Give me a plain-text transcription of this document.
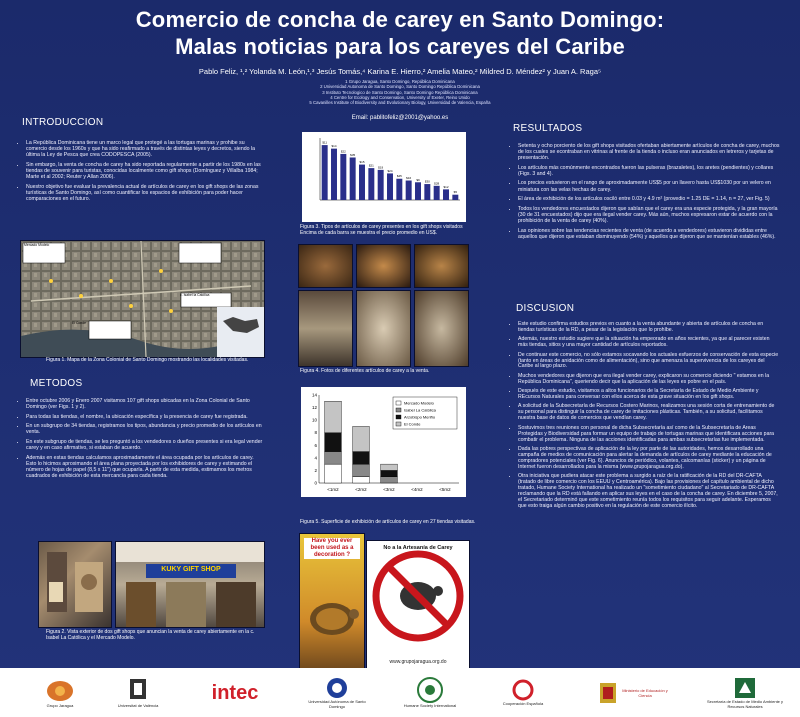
Comercio de concha de carey en Santo Domingo:
Malas noticias para los careyes del Caribe
Pablo Feliz, ¹,² Yolanda M. León,¹,³ Jesús Tomás,⁴ Karina E. Hierro,² Amelia Mateo,² Mildred D. Méndez² y Juan A. Raga⁵
1 Grupo Jaragua, Santo Domingo, República Dominicana
2 Universidad Autonoma de Santo Domingo, Santo Domingo República Dominicana
3 Instituto Tecnologico de Santo Domingo, Santo Domingo República Dominicana
4 Centre for Ecology and Conservation, University of Exeter, Reino Unido
5 Cavanilles Institute of Biodiversity and Evolutionary Biology, Universidad de Valencia, España
Email: pablitofeliz@2001@yahoo.es
INTRODUCCION
• La República Dominicana tiene un marco legal que protegé a las tortugas marinas y prohibe su comercio desde los 1960s y que ha sido reafirmado a través de distintas leyes y decretos, siendo la última la Ley de Pesca que crea CODOPESCA (2005).
• Sin embargo, la venta de concha de carey ha sido reportada regularmente a partir de los 1980s en las tiendas de souvenir para turistas, conocidas localmente como gift shops (Domínguez y Villalba 1984; Marte et al 2002; Reuter y Allan 2006).
• Nuestro objetivo fue evaluar la prevalencia actual de artículos de carey en los gift shops de las zonas turísticas de Santo Domingo, así como cuantificar los espacios de exhibición para poder hacer comparaciones en el futuro.
Mercado Modelo
El Conde
c. Isabel la Católica
Figura 1. Mapa de la Zona Colonial de Santo Domingo mostrando las localidades visitadas.
METODOS
• Entre octubre 2006 y Enero 2007 visitamos 107 gift shops ubicadas en la Zona Colonial de Santo Domingo (ver Figs. 1 y 2).
• Para todas las tiendas, el nombre, la ubicación específica y la presencia de carey fue registrada.
• En un subgrupo de 34 tiendas, registramos los tipos, abundancia y precio promedio de los artículos en venta.
• En este subgrupo de tiendas, se les preguntó a los vendedores o dueños presentes si era legal vender carey y en caso afirmativo, si estaban de acuerdo.
• Además en estas tiendas calculamos aproximadamente el área ocupada por los artículos de carey. Esto lo hicimos aproximando el área plana proyectada por los exhibidores de carey y estimando el número de hojas de papel (8,5 x 11") que ocuparía. A partir de esta medida, estimamos los metros cuadrados de exhibición de esta mercancía para cada tienda.
KUKY GIFT SHOP
Figura 2. Vista exterior de dos gift shops que anuncian la venta de carey abiertamente en la c. Isabel La Católica y el Mercado Modelo.
$11
$14
$22
$35
$15
$21 $19
$24
$45 $16 $9 $30 $28
$12
$5
Figura 3. Tipos de artículos de carey presentes en los gift shops visitados Encima de cada barra se muestra el precio promedio en US$.
Figura 4. Fotos de diferentes artículos de carey a la venta.
0
2
4
6
8
10
12
14
<1m2	<2m2	<3m2	<4m2	<5m2
Mercado Modelo
Isabel La Católica
Arzobispo Meriño
El Conde
Figura 5. Superficie de exhibición de artículos de carey en 27 tiendas visitadas.
Have you ever been used as a decoration ?
No a la Artesanía de Carey
www.grupojaragua.org.do
RESULTADOS
• Setenta y ocho porciento de los gift shops visitados ofertaban abiertamente artículos de concha de carey, muchos de los cuales se econtraban en vitrinas al frente de la tienda o incluso eran anunciados en letreros y tarjetas de presentación.
• Los artículos más comúnmente encontrados fueron las pulseras (brazaletes), los aretes (pendientes) y collares (Figs. 3 and 4).
• Los precios estuvieron en el rango de aproximadamente US$5 por un llavero hasta US$1030 por un velero en miniatura con las velas hechas de carey.
• El área de exhibición de los artículos osciló entre 0.03 y 4.9 m² (provedio = 1.25 DE = 1.14, n = 27, ver Fig. 5)
• Todos los vendedores encuestados dijeron que sabían que el carey era una especie protegida, y la gran mayoría (30 de 31 encuestados) dijo que era ilegal vender carey. Más aún, muchos expresaron estar de acuerdo con la prohibición de la venta de carey (40%).
• Las opiniones sobre las tendencias recientes de venta (de acuerdo a vendedores) estuvieron divididas entre aquellos que dijeron que estaban disminuyendo (54%) y aquellos que dijeron que se mantenían estables (46%).
DISCUSION
• Este estudio confirma estudios previos en cuanto a la venta abundante y abierta de artículos de concha en tiendas turísticas de la RD, a pesar de la legislación que lo prohíbe.
• Además, nuestro estudio sugiere que la situación ha empeorado en años recientes, ya que al parecer existen más tiendas, sitios y una mayor cantidad de artículos reportados.
• De continuar este comercio, no sólo estamos socavando los actuales esfuerzos de conservación de esta especie (tanto en áreas de anidación como de alimentación), sino que amenaza la supervivencia de los careyes del Caribe al largo plazo.
• Muchos vendedores que dijeron que era ilegal vender carey, explicaron su comercio diciendo " estamos en la República Dominicana", queriendo decir que la aplicación de las leyes es pobre en el país.
• Después de este estudio, visitamos a altos funcionarios de la Secretaría de Estado de Medio Ambiente y REcursos Naturales para conversar con ellos acerca de esta grave situación en los gift shops.
• A solicitud de la Subsecretaría de Recursos Costero Marinos, realizamos una sesión corta de entrenamiento de su personal para distinguir la concha de carey de imitaciones plásticas. También, a su solicitud, facilitamos nuestra base de datos de comercios que vendían carey.
• Sostuvimos tres reuniones con personal de dicha Subsecretaría así como de la Subsecretaría de Areas Protegidas y Biodiversidad para formar un equipo de trabajo de tortugas marinas que identificara acciones para combatir el problema. Ninguna de las acciones identificadas para ambas subsecretarías fue implementada.
• Dada las pobres perspectivas de aplicación de la ley por parte de las autoridades, hemos desarrollado una campaña de medios de comunicación para alertar la demanda de artículos de carey mediante la educación de compradores potenciales (ver Fig. 6). Anuncios de periódico, volantes, calcomanías (sticker) y un página de Internet fueron desarrollados para la misma (www.grupojaragua.org.do).
• Otra iniciativa que pudiera atacar este problema a surgido a raíz de la ratificación de la RD del DR-CAFTA (tratado de libre comercio con los EEUU y Centroamérica). Bajo las provisiones del capítulo ambiental de dicho tratado, Humane Society International ha realizado un "sometimiento ciudadano" al Secretariado de DR-CAFTA reclamando que la RD está fallando en aplicar sus leyes en el caso de la concha de carey. En diciembre 5, 2007, el Secretariado determinó que este sometimiento reunía todos los requisitos para seguir adelante. Esperamos que esto traiga algún cambio positivo en la regulación de este comercio ilícito.
Grupo Jaragua	Universitat de València
intec	Universidad Autónoma de Santo Domingo	Humane Society International	Cooperación Española
Ministerio de Educación y Ciencia
Secretaría de Estado de Medio Ambiente y Recursos Naturales
